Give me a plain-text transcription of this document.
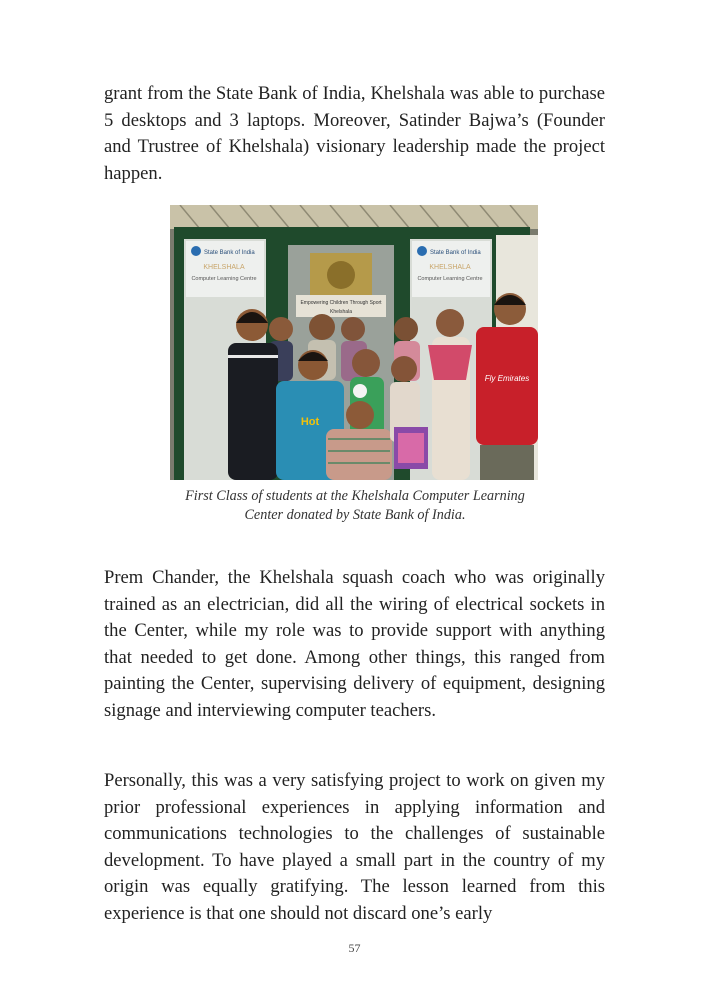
grant from the State Bank of India, Khelshala was able to purchase 5 desktops and 3 laptops. Moreover, Satinder Bajwa’s (Founder and Trustree of Khelshala) visionary leadership made the project happen.

State Bank of India
KHELSHALA
Computer Learning Centre
Empowering Children Through Sport
Khelshala
State Bank of India
KHELSHALA
Computer Learning Centre
Fly Emirates
Hot

First Class of students at the Khelshala Computer Learning
Center donated by State Bank of India.

Prem Chander, the Khelshala squash coach who was originally trained as an electrician, did all the wiring of electrical sockets in the Center, while my role was to provide support with anything that needed to get done. Among other things, this ranged from painting the Center, supervising delivery of equipment, designing signage and interviewing computer teachers.

Personally, this was a very satisfying project to work on given my prior professional experiences in applying information and communications technologies to the challenges of sustainable development. To have played a small part in the country of my origin was equally gratifying. The lesson learned from this experience is that one should not discard one’s early

57
